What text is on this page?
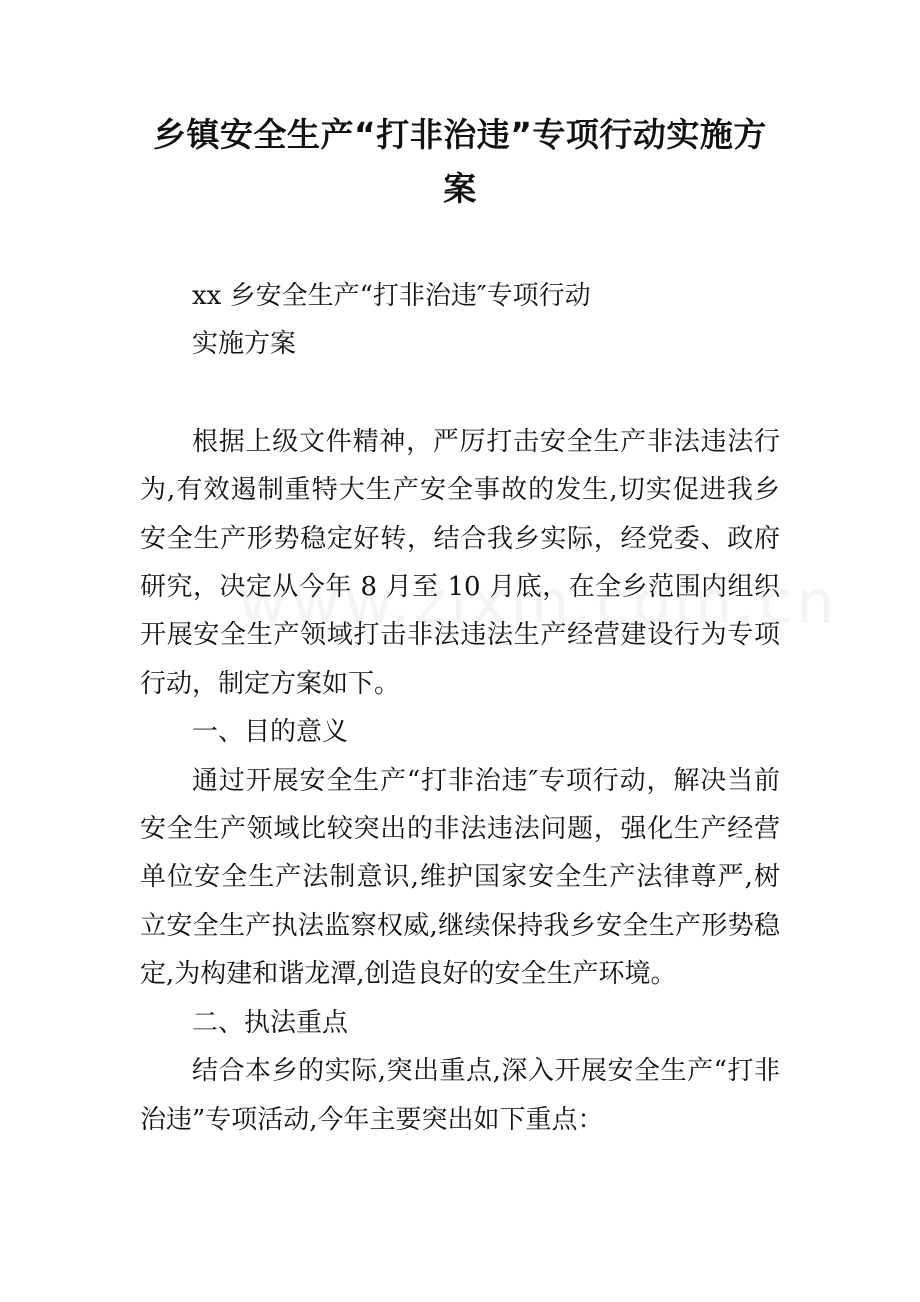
乡镇安全生产“打非治违”专项行动实施方案

xx 乡安全生产“打非治违″专项行动

实施方案

根据上级文件精神，严厉打击安全生产非法违法行为,有效遏制重特大生产安全事故的发生,切实促进我乡安全生产形势稳定好转，结合我乡实际，经党委、政府研究，决定从今年 8 月至 10 月底，在全乡范围内组织开展安全生产领域打击非法违法生产经营建设行为专项行动，制定方案如下。

一、目的意义

通过开展安全生产“打非治违″专项行动，解决当前安全生产领域比较突出的非法违法问题，强化生产经营单位安全生产法制意识,维护国家安全生产法律尊严,树立安全生产执法监察权威,继续保持我乡安全生产形势稳定,为构建和谐龙潭,创造良好的安全生产环境。

二、执法重点

结合本乡的实际,突出重点,深入开展安全生产“打非治违”专项活动,今年主要突出如下重点：
